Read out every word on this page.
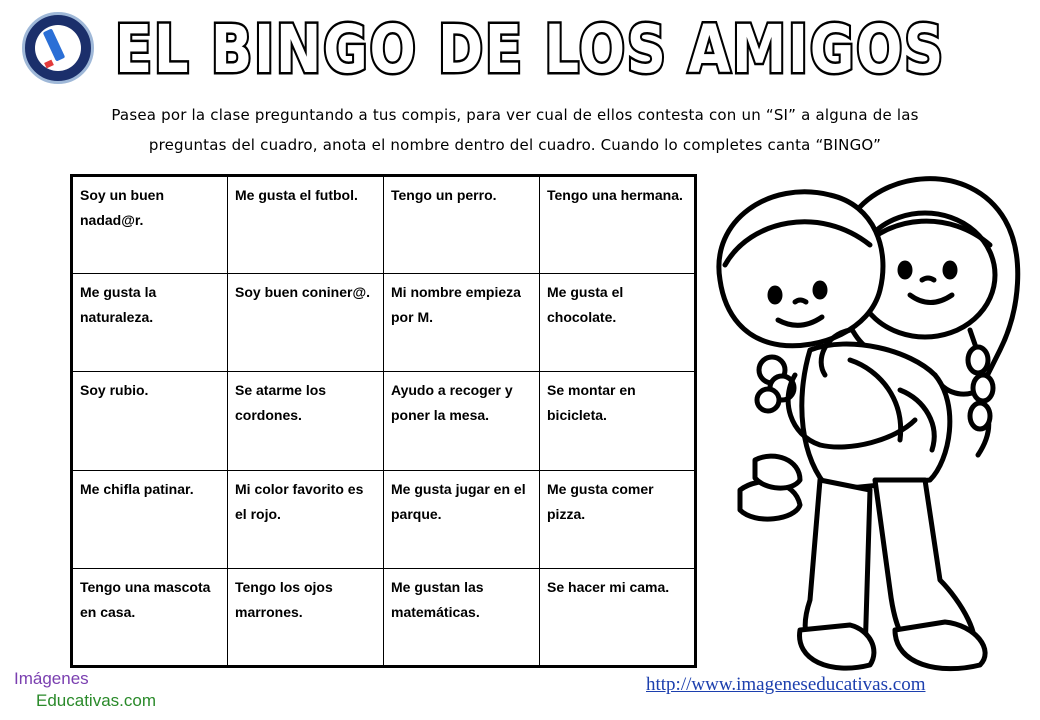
EL BINGO DE LOS AMIGOS
Pasea por la clase preguntando a tus compis, para ver cual de ellos contesta con un “SI” a alguna de las
preguntas del cuadro, anota el nombre dentro del cuadro. Cuando lo completes canta “BINGO”
Soy un buen nadad@r.	Me gusta el futbol.	Tengo un perro.	Tengo una hermana.
Me gusta la naturaleza.	Soy buen coniner@.	Mi nombre empieza por M.	Me gusta el chocolate.
Soy rubio.	Se atarme los cordones.	Ayudo a recoger y poner la mesa.	Se montar en bicicleta.
Me chifla patinar.	Mi color favorito es el rojo.	Me gusta jugar en el parque.	Me gusta comer pizza.
Tengo una mascota en casa.	Tengo los ojos marrones.	Me gustan las matemáticas.	Se hacer mi cama.
Imágenes
Educativas.com
http://www.imageneseducativas.com
